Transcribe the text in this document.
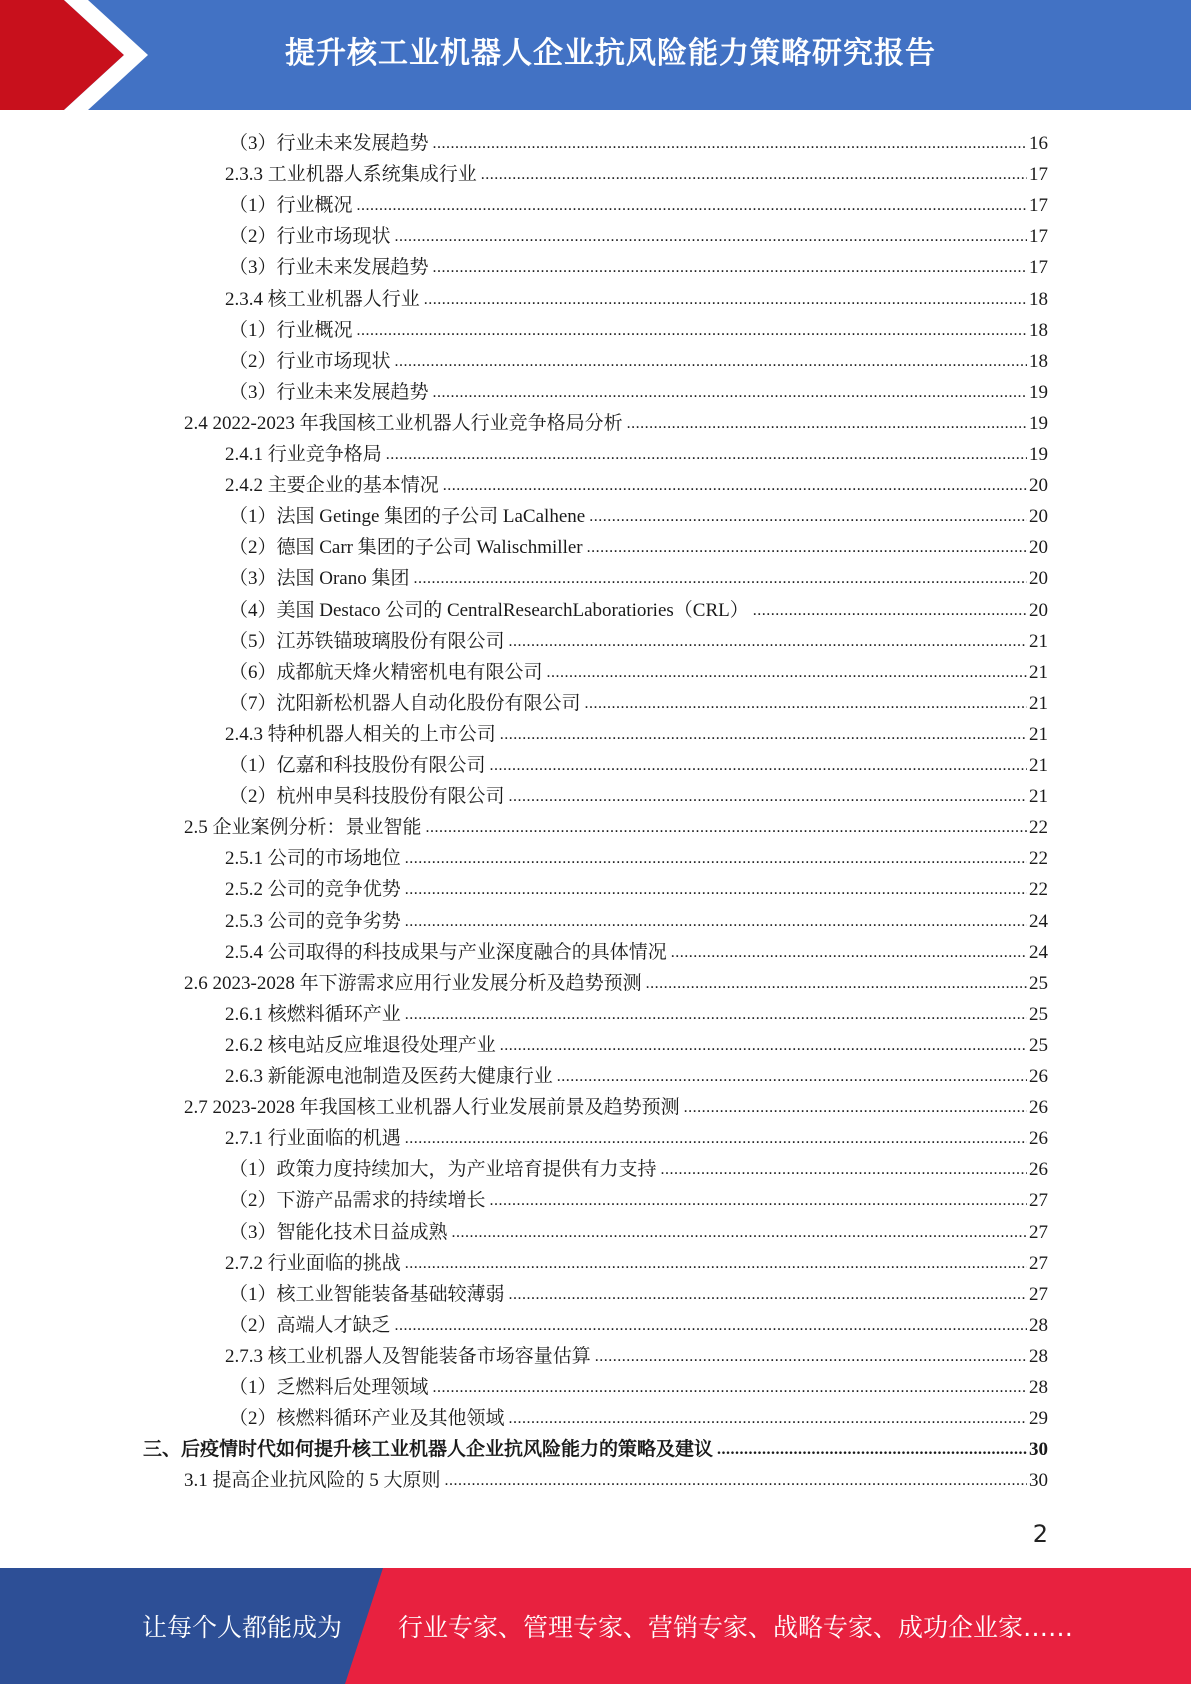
提升核工业机器人企业抗风险能力策略研究报告
（3）行业未来发展趋势 .....	16
2.3.3 工业机器人系统集成行业 .....	17
（1）行业概况 .....	17
（2）行业市场现状 .....	17
（3）行业未来发展趋势 .....	17
2.3.4 核工业机器人行业 .....	18
（1）行业概况 .....	18
（2）行业市场现状 .....	18
（3）行业未来发展趋势 .....	19
2.4 2022-2023 年我国核工业机器人行业竞争格局分析 .....	19
2.4.1 行业竞争格局 .....	19
2.4.2 主要企业的基本情况 .....	20
（1）法国 Getinge 集团的子公司 LaCalhene .....	20
（2）德国 Carr 集团的子公司 Walischmiller .....	20
（3）法国 Orano 集团 .....	20
（4）美国 Destaco 公司的 CentralResearchLaboratiories（CRL） .....	20
（5）江苏铁锚玻璃股份有限公司 .....	21
（6）成都航天烽火精密机电有限公司 .....	21
（7）沈阳新松机器人自动化股份有限公司 .....	21
2.4.3 特种机器人相关的上市公司 .....	21
（1）亿嘉和科技股份有限公司 .....	21
（2）杭州申昊科技股份有限公司 .....	21
2.5 企业案例分析：景业智能 .....	22
2.5.1 公司的市场地位 .....	22
2.5.2 公司的竞争优势 .....	22
2.5.3 公司的竞争劣势 .....	24
2.5.4 公司取得的科技成果与产业深度融合的具体情况 .....	24
2.6 2023-2028 年下游需求应用行业发展分析及趋势预测 .....	25
2.6.1 核燃料循环产业 .....	25
2.6.2 核电站反应堆退役处理产业 .....	25
2.6.3 新能源电池制造及医药大健康行业 .....	26
2.7 2023-2028 年我国核工业机器人行业发展前景及趋势预测 .....	26
2.7.1 行业面临的机遇 .....	26
（1）政策力度持续加大，为产业培育提供有力支持 .....	26
（2）下游产品需求的持续增长 .....	27
（3）智能化技术日益成熟 .....	27
2.7.2 行业面临的挑战 .....	27
（1）核工业智能装备基础较薄弱 .....	27
（2）高端人才缺乏 .....	28
2.7.3 核工业机器人及智能装备市场容量估算 .....	28
（1）乏燃料后处理领域 .....	28
（2）核燃料循环产业及其他领域 .....	29
三、后疫情时代如何提升核工业机器人企业抗风险能力的策略及建议 .....	30
3.1 提高企业抗风险的 5 大原则 .....	30
2
让每个人都能成为 行业专家、管理专家、营销专家、战略专家、成功企业家……
